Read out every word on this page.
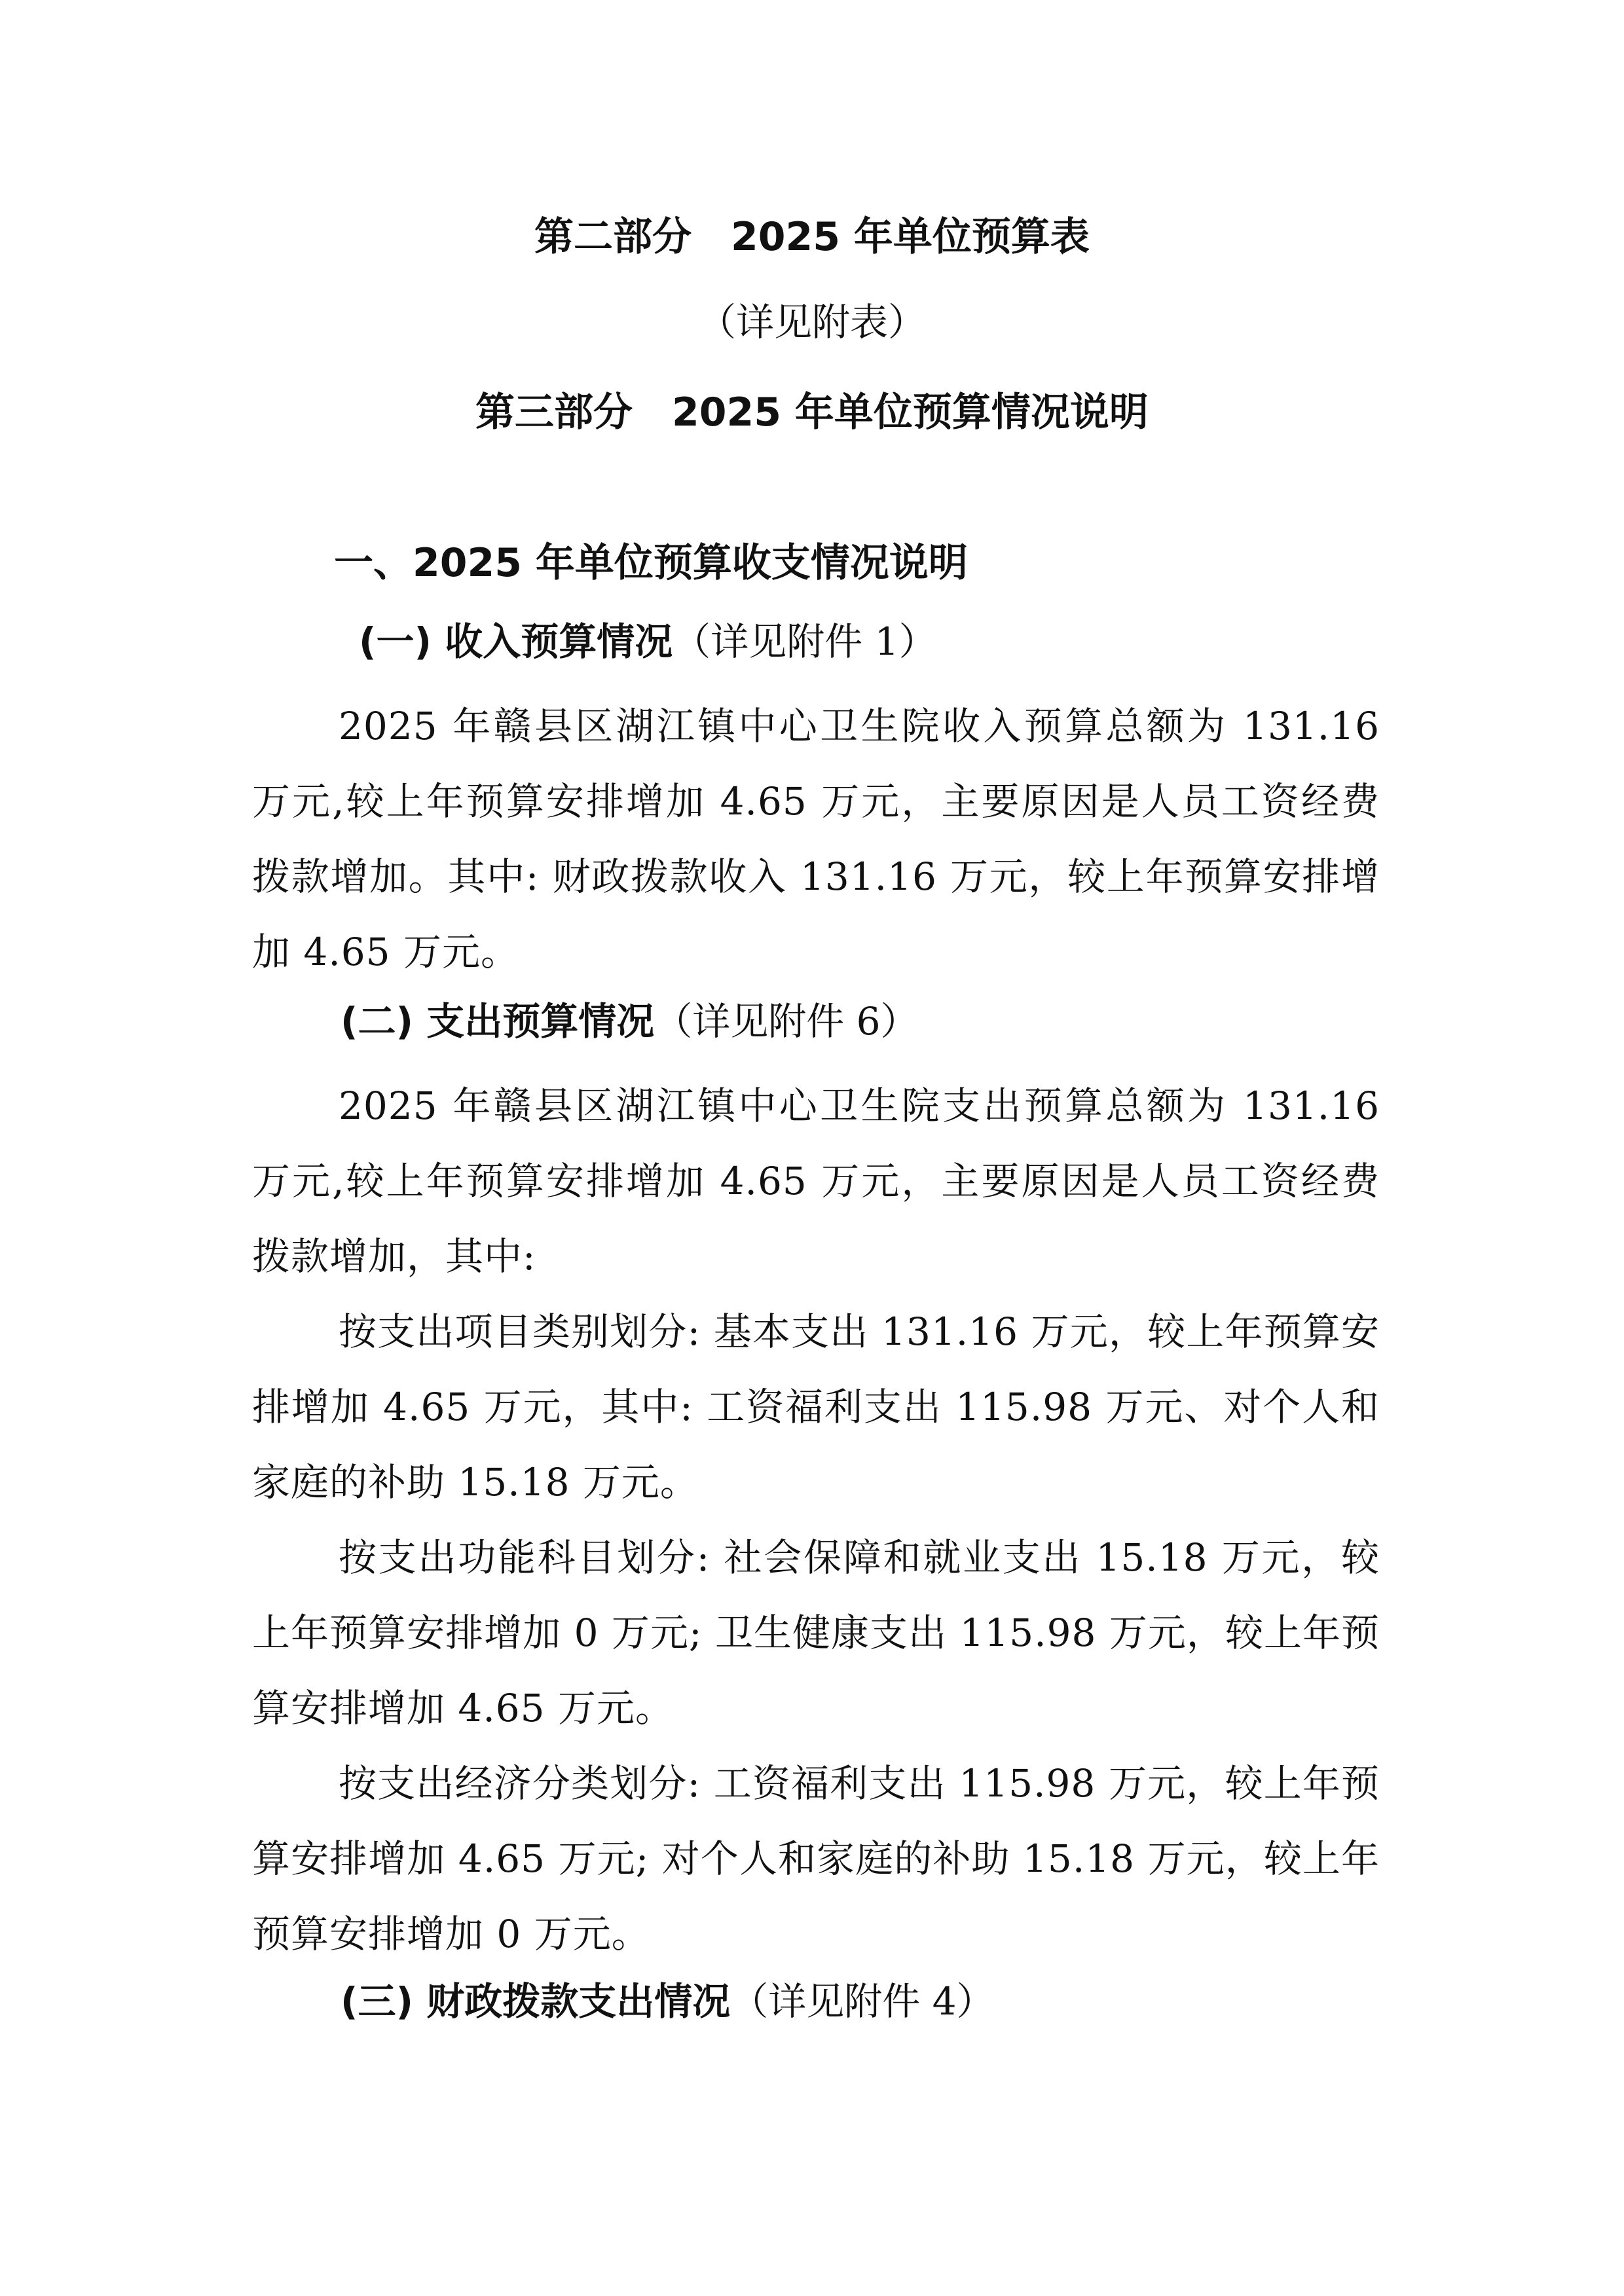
第二部分　2025 年单位预算表
（详见附表）
第三部分　2025 年单位预算情况说明
一、2025 年单位预算收支情况说明
(一) 收入预算情况（详见附件 1）
2025 年赣县区湖江镇中心卫生院收入预算总额为 131.16 万元,较上年预算安排增加 4.65 万元，主要原因是人员工资经费拨款增加。其中: 财政拨款收入 131.16 万元，较上年预算安排增加 4.65 万元。
(二) 支出预算情况（详见附件 6）
2025 年赣县区湖江镇中心卫生院支出预算总额为 131.16 万元,较上年预算安排增加 4.65 万元，主要原因是人员工资经费拨款增加，其中:
按支出项目类别划分: 基本支出 131.16 万元，较上年预算安排增加 4.65 万元，其中: 工资福利支出 115.98 万元、对个人和家庭的补助 15.18 万元。
按支出功能科目划分: 社会保障和就业支出 15.18 万元，较上年预算安排增加 0 万元; 卫生健康支出 115.98 万元，较上年预算安排增加 4.65 万元。
按支出经济分类划分: 工资福利支出 115.98 万元，较上年预算安排增加 4.65 万元; 对个人和家庭的补助 15.18 万元，较上年预算安排增加 0 万元。
(三) 财政拨款支出情况（详见附件 4）
